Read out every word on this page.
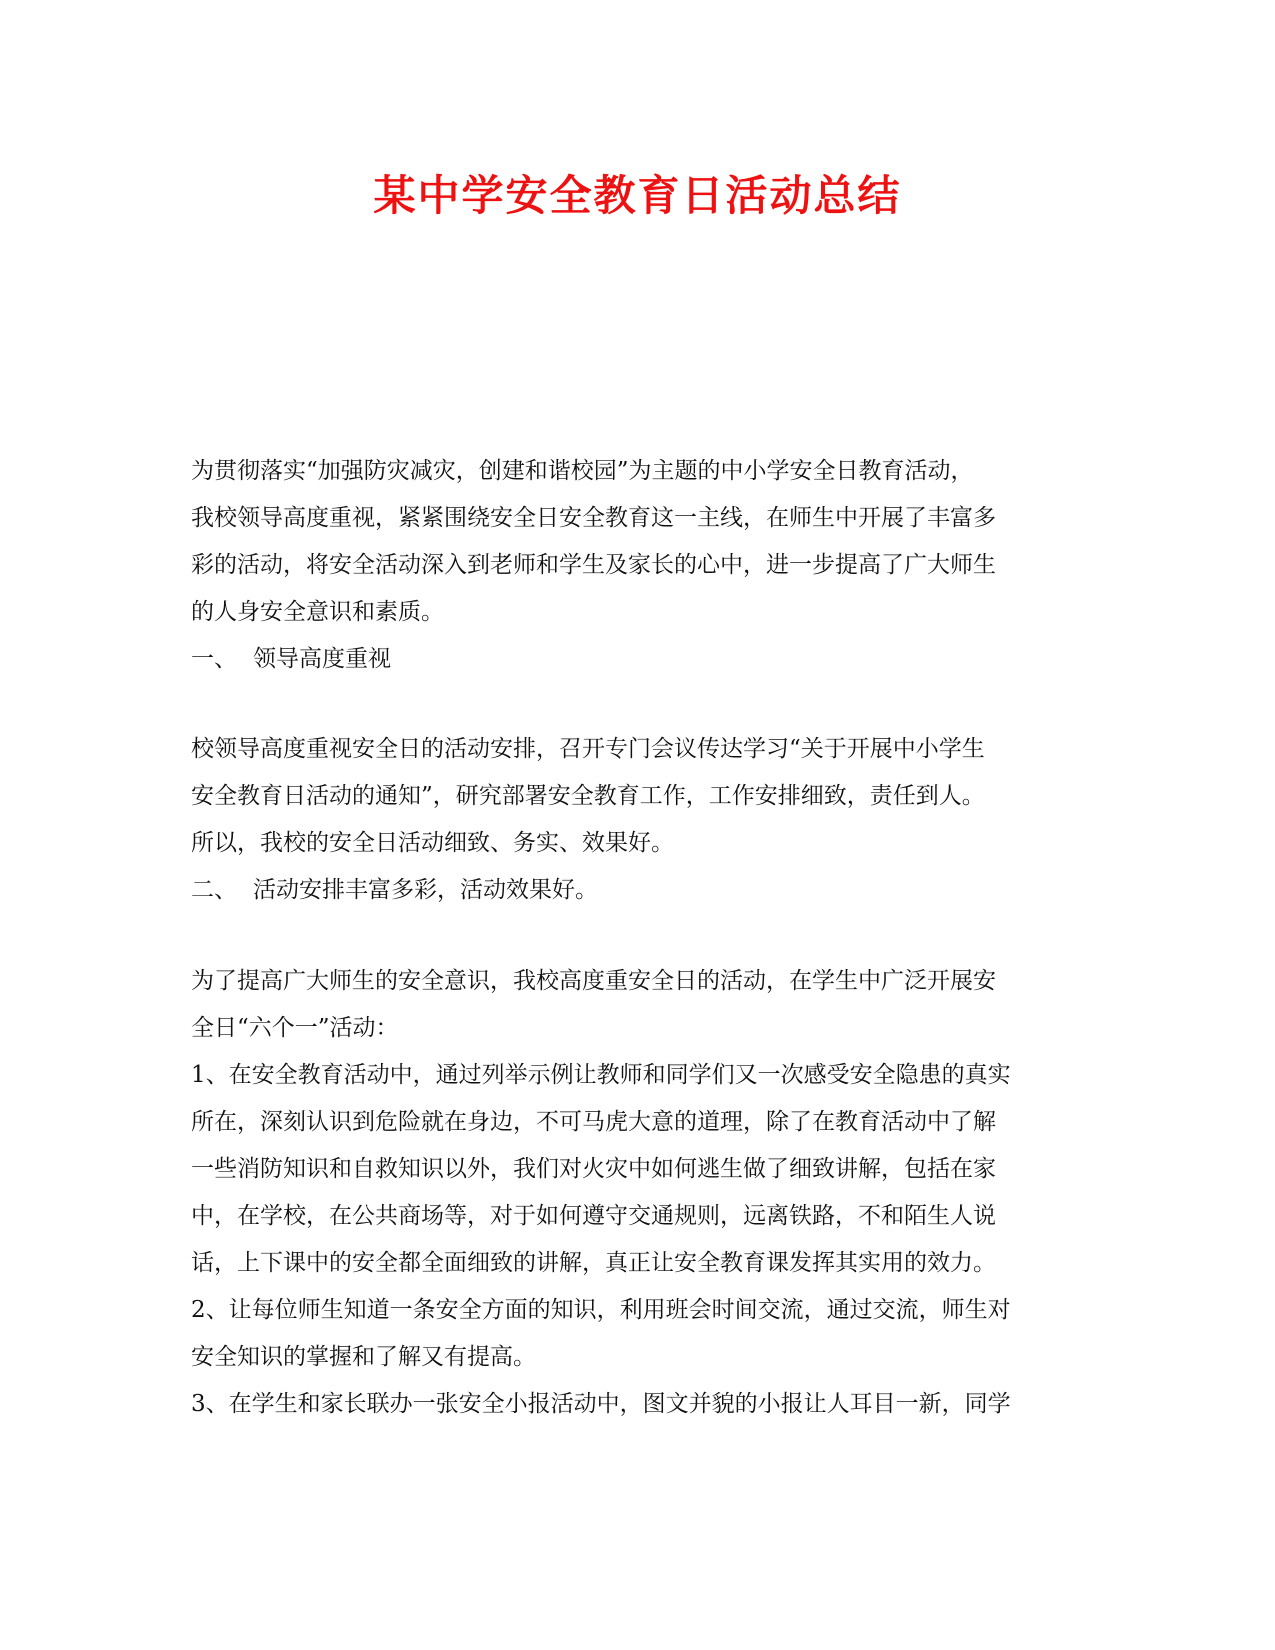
某中学安全教育日活动总结
为贯彻落实“加强防灾减灾，创建和谐校园”为主题的中小学安全日教育活动，
我校领导高度重视，紧紧围绕安全日安全教育这一主线，在师生中开展了丰富多
彩的活动，将安全活动深入到老师和学生及家长的心中，进一步提高了广大师生
的人身安全意识和素质。
一、 领导高度重视
校领导高度重视安全日的活动安排，召开专门会议传达学习“关于开展中小学生
安全教育日活动的通知”，研究部署安全教育工作，工作安排细致，责任到人。
所以，我校的安全日活动细致、务实、效果好。
二、 活动安排丰富多彩，活动效果好。
为了提高广大师生的安全意识，我校高度重安全日的活动，在学生中广泛开展安
全日“六个一”活动：
1、在安全教育活动中，通过列举示例让教师和同学们又一次感受安全隐患的真实
所在，深刻认识到危险就在身边，不可马虎大意的道理，除了在教育活动中了解
一些消防知识和自救知识以外，我们对火灾中如何逃生做了细致讲解，包括在家
中，在学校，在公共商场等，对于如何遵守交通规则，远离铁路，不和陌生人说
话，上下课中的安全都全面细致的讲解，真正让安全教育课发挥其实用的效力。
2、让每位师生知道一条安全方面的知识，利用班会时间交流，通过交流，师生对
安全知识的掌握和了解又有提高。
3、在学生和家长联办一张安全小报活动中，图文并貌的小报让人耳目一新，同学
